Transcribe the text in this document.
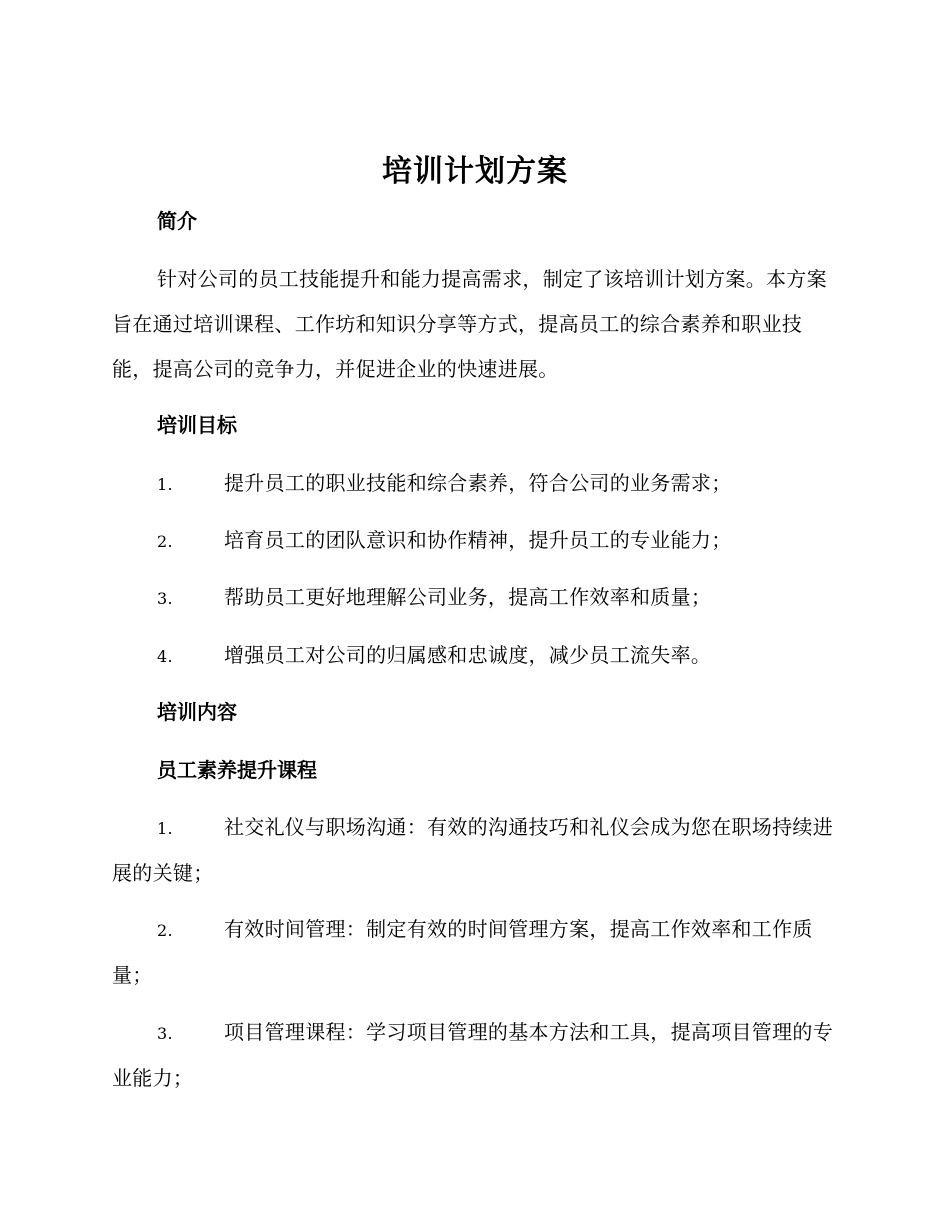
培训计划方案
简介
针对公司的员工技能提升和能力提高需求，制定了该培训计划方案。本方案旨在通过培训课程、工作坊和知识分享等方式，提高员工的综合素养和职业技能，提高公司的竞争力，并促进企业的快速进展。
培训目标
1.	提升员工的职业技能和综合素养，符合公司的业务需求；
2.	培育员工的团队意识和协作精神，提升员工的专业能力；
3.	帮助员工更好地理解公司业务，提高工作效率和质量；
4.	增强员工对公司的归属感和忠诚度，减少员工流失率。
培训内容
员工素养提升课程
1.	社交礼仪与职场沟通：有效的沟通技巧和礼仪会成为您在职场持续进展的关键；
2.	有效时间管理：制定有效的时间管理方案，提高工作效率和工作质量；
3.	项目管理课程：学习项目管理的基本方法和工具，提高项目管理的专业能力；
